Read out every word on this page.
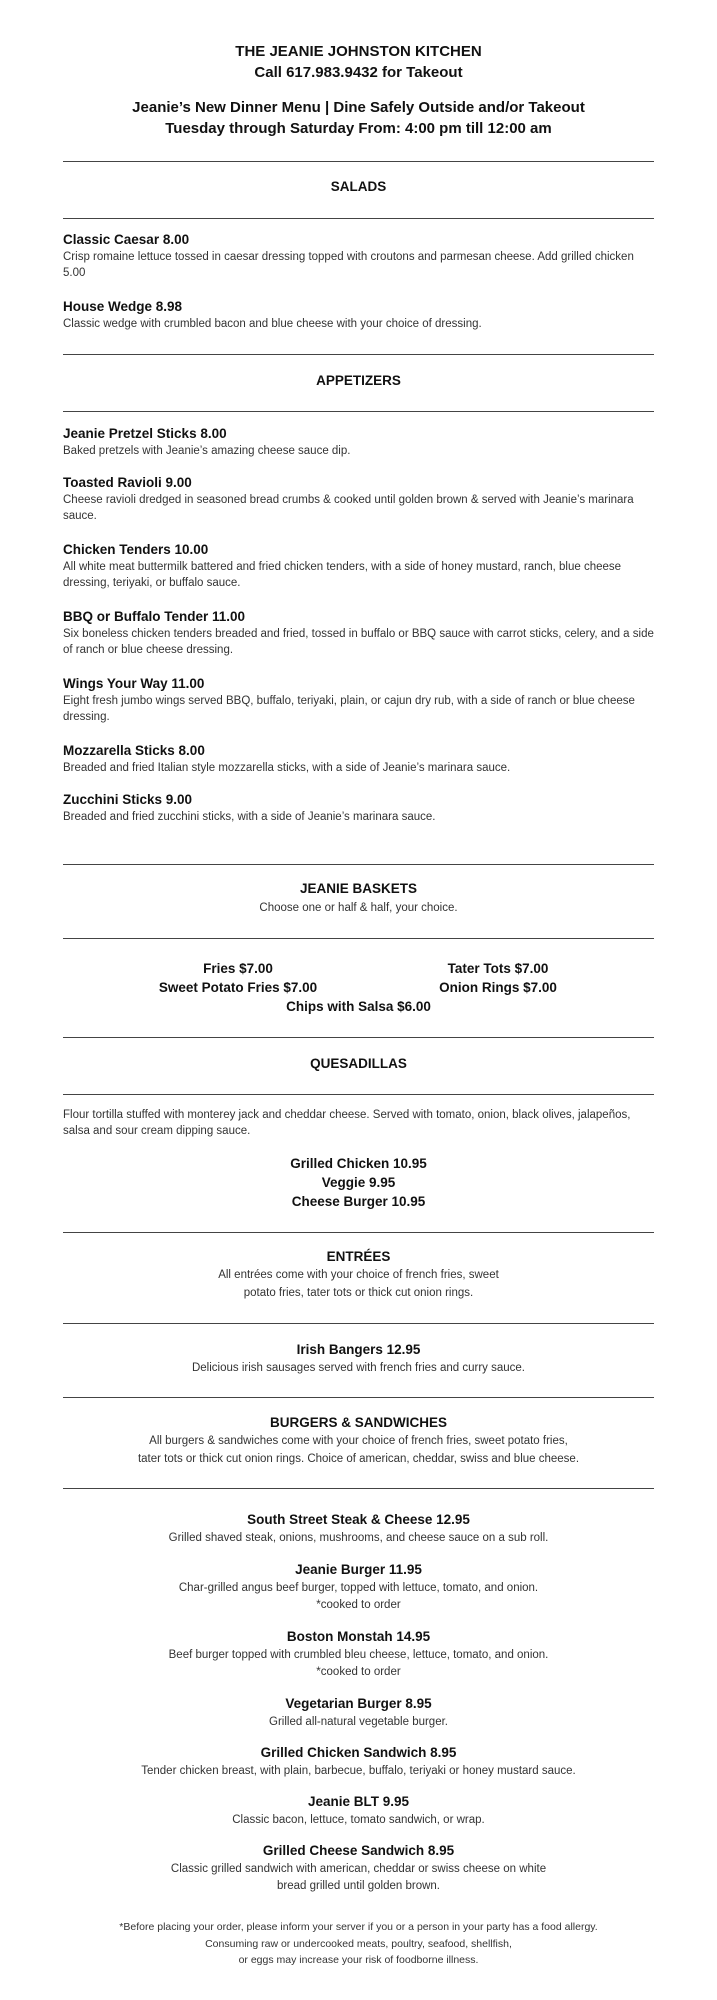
THE JEANIE JOHNSTON KITCHEN
Call 617.983.9432 for Takeout
Jeanie’s New Dinner Menu | Dine Safely Outside and/or Takeout
Tuesday through Saturday From: 4:00 pm till 12:00 am
SALADS
Classic Caesar 8.00
Crisp romaine lettuce tossed in caesar dressing topped with croutons and parmesan cheese. Add grilled chicken 5.00
House Wedge 8.98
Classic wedge with crumbled bacon and blue cheese with your choice of dressing.
APPETIZERS
Jeanie Pretzel Sticks 8.00
Baked pretzels with Jeanie’s amazing cheese sauce dip.
Toasted Ravioli 9.00
Cheese ravioli dredged in seasoned bread crumbs & cooked until golden brown & served with Jeanie’s marinara sauce.
Chicken Tenders 10.00
All white meat buttermilk battered and fried chicken tenders, with a side of honey mustard, ranch, blue cheese dressing, teriyaki, or buffalo sauce.
BBQ or Buffalo Tender 11.00
Six boneless chicken tenders breaded and fried, tossed in buffalo or BBQ sauce with carrot sticks, celery, and a side of ranch or blue cheese dressing.
Wings Your Way 11.00
Eight fresh jumbo wings served BBQ, buffalo, teriyaki, plain, or cajun dry rub, with a side of ranch or blue cheese dressing.
Mozzarella Sticks 8.00
Breaded and fried Italian style mozzarella sticks, with a side of Jeanie’s marinara sauce.
Zucchini Sticks 9.00
Breaded and fried zucchini sticks, with a side of Jeanie’s marinara sauce.
JEANIE BASKETS
Choose one or half & half, your choice.
Fries $7.00	Tater Tots $7.00
Sweet Potato Fries $7.00	Onion Rings $7.00
Chips with Salsa $6.00
QUESADILLAS
Flour tortilla stuffed with monterey jack and cheddar cheese. Served with tomato, onion, black olives, jalapeños, salsa and sour cream dipping sauce.
Grilled Chicken 10.95
Veggie 9.95
Cheese Burger 10.95
ENTRÉES
All entrées come with your choice of french fries, sweet
potato fries, tater tots or thick cut onion rings.
Irish Bangers 12.95
Delicious irish sausages served with french fries and curry sauce.
BURGERS & SANDWICHES
All burgers & sandwiches come with your choice of french fries, sweet potato fries,
tater tots or thick cut onion rings. Choice of american, cheddar, swiss and blue cheese.
South Street Steak & Cheese 12.95
Grilled shaved steak, onions, mushrooms, and cheese sauce on a sub roll.
Jeanie Burger 11.95
Char-grilled angus beef burger, topped with lettuce, tomato, and onion.
*cooked to order
Boston Monstah 14.95
Beef burger topped with crumbled bleu cheese, lettuce, tomato, and onion.
*cooked to order
Vegetarian Burger 8.95
Grilled all-natural vegetable burger.
Grilled Chicken Sandwich 8.95
Tender chicken breast, with plain, barbecue, buffalo, teriyaki or honey mustard sauce.
Jeanie BLT 9.95
Classic bacon, lettuce, tomato sandwich, or wrap.
Grilled Cheese Sandwich 8.95
Classic grilled sandwich with american, cheddar or swiss cheese on white
bread grilled until golden brown.
*Before placing your order, please inform your server if you or a person in your party has a food allergy.
Consuming raw or undercooked meats, poultry, seafood, shellfish,
or eggs may increase your risk of foodborne illness.
